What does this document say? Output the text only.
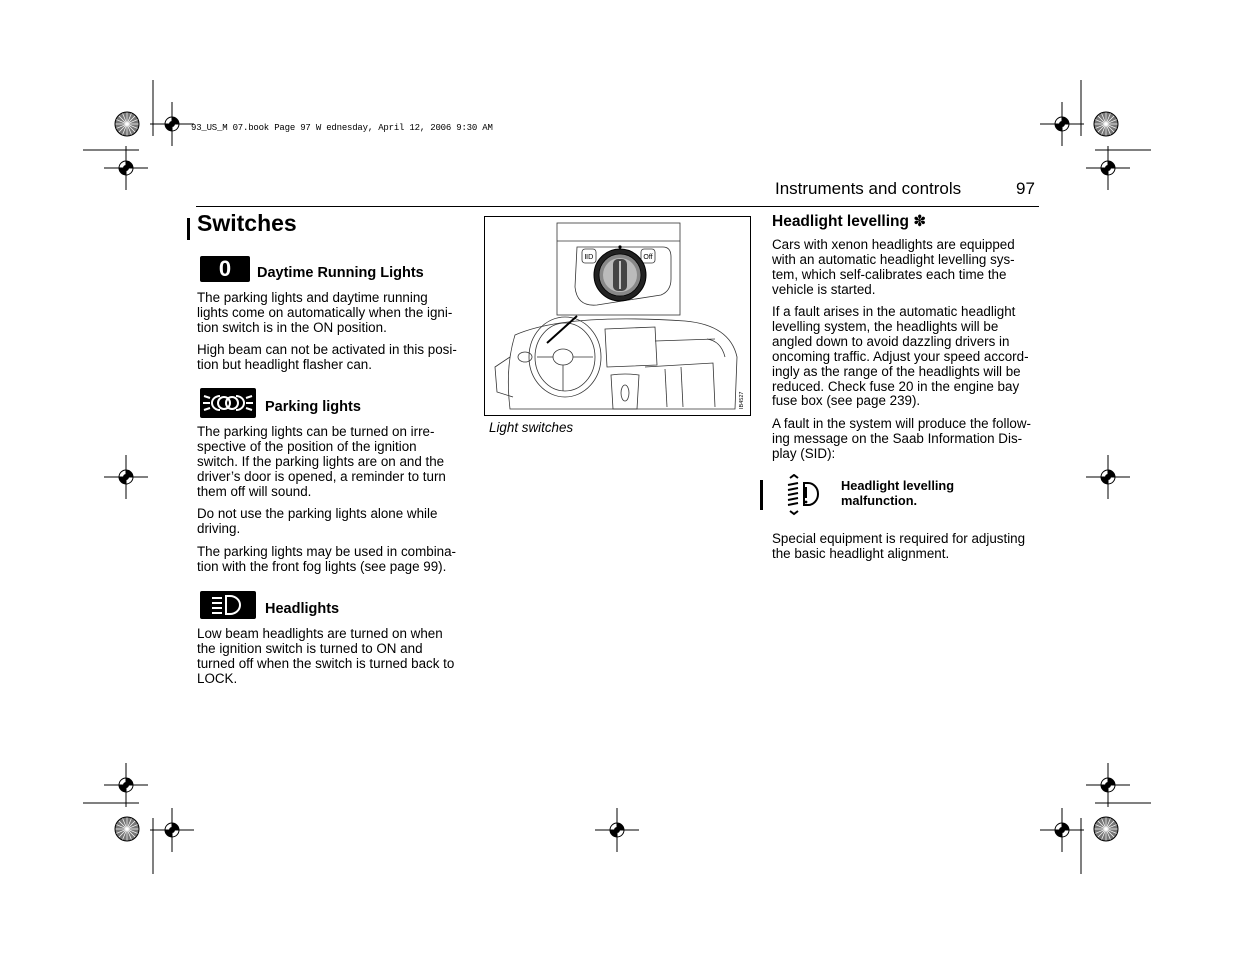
93_US_M 07.book Page 97 W ednesday, April 12, 2006 9:30 AM
Instruments and controls	97
Switches
0	Daytime Running Lights

The parking lights and daytime running
lights come on automatically when the igni-
tion switch is in the ON position.

High beam can not be activated in this posi-
tion but headlight flasher can.

Parking lights

The parking lights can be turned on irre-
spective of the position of the ignition
switch. If the parking lights are on and the
driver’s door is opened, a reminder to turn
them off will sound.

Do not use the parking lights alone while
driving.

The parking lights may be used in combina-
tion with the front fog lights (see page 99).

Headlights

Low beam headlights are turned on when
the ignition switch is turned to ON and
turned off when the switch is turned back to
LOCK.

ⅡⅮ	Off
IB4527
Light switches
Headlight levelling ✽

Cars with xenon headlights are equipped
with an automatic headlight levelling sys-
tem, which self-calibrates each time the
vehicle is started.

If a fault arises in the automatic headlight
levelling system, the headlights will be
angled down to avoid dazzling drivers in
oncoming traffic. Adjust your speed accord-
ingly as the range of the headlights will be
reduced. Check fuse 20 in the engine bay
fuse box (see page 239).

A fault in the system will produce the follow-
ing message on the Saab Information Dis-
play (SID):

Headlight levelling
malfunction.

Special equipment is required for adjusting
the basic headlight alignment.
